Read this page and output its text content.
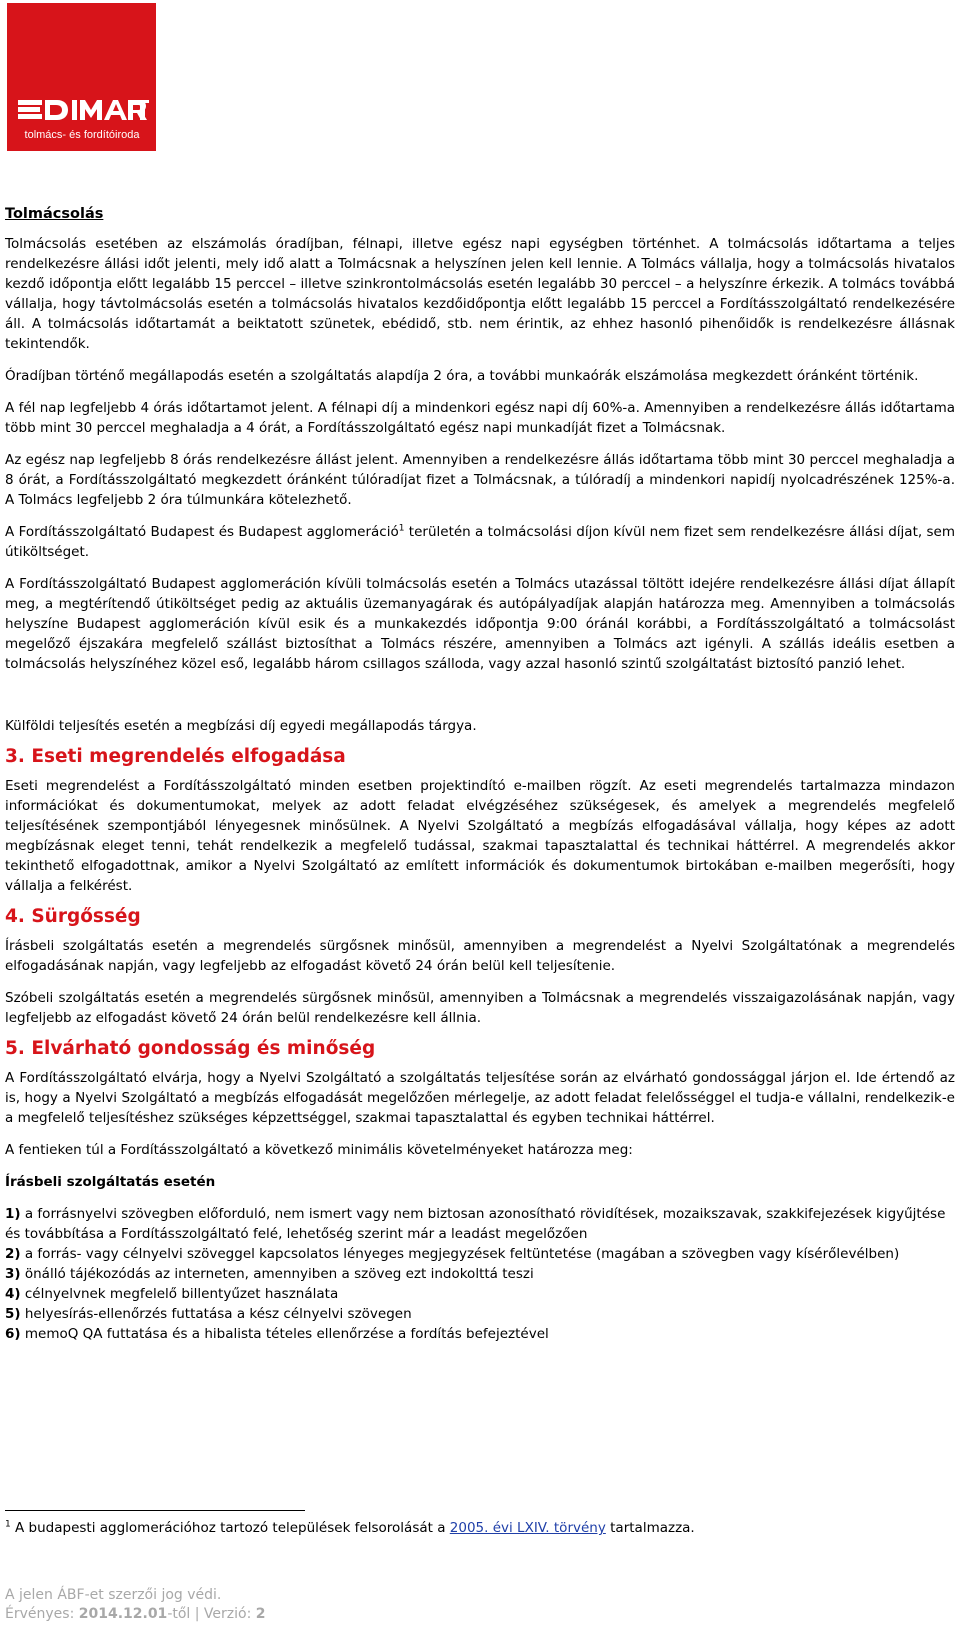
tolmács- és fordítóiroda
Tolmácsolás

Tolmácsolás esetében az elszámolás óradíjban, félnapi, illetve egész napi egységben történhet. A tolmácsolás időtartama a teljes rendelkezésre állási időt jelenti, mely idő alatt a Tolmácsnak a helyszínen jelen kell lennie. A Tolmács vállalja, hogy a tolmácsolás hivatalos kezdő időpontja előtt legalább 15 perccel – illetve szinkrontolmácsolás esetén legalább 30 perccel – a helyszínre érkezik. A tolmács továbbá vállalja, hogy távtolmácsolás esetén a tolmácsolás hivatalos kezdőidőpontja előtt legalább 15 perccel a Fordításszolgáltató rendelkezésére áll. A tolmácsolás időtartamát a beiktatott szünetek, ebédidő, stb. nem érintik, az ehhez hasonló pihenőidők is rendelkezésre állásnak tekintendők.

Óradíjban történő megállapodás esetén a szolgáltatás alapdíja 2 óra, a további munkaórák elszámolása megkezdett óránként történik.

A fél nap legfeljebb 4 órás időtartamot jelent. A félnapi díj a mindenkori egész napi díj 60%-a. Amennyiben a rendelkezésre állás időtartama több mint 30 perccel meghaladja a 4 órát, a Fordításszolgáltató egész napi munkadíját fizet a Tolmácsnak.

Az egész nap legfeljebb 8 órás rendelkezésre állást jelent. Amennyiben a rendelkezésre állás időtartama több mint 30 perccel meghaladja a 8 órát, a Fordításszolgáltató megkezdett óránként túlóradíjat fizet a Tolmácsnak, a túlóradíj a mindenkori napidíj nyolcadrészének 125%-a. A Tolmács legfeljebb 2 óra túlmunkára kötelezhető.

A Fordításszolgáltató Budapest és Budapest agglomeráció$^1$ területén a tolmácsolási díjon kívül nem fizet sem rendelkezésre állási díjat, sem útiköltséget.

A Fordításszolgáltató Budapest agglomeráción kívüli tolmácsolás esetén a Tolmács utazással töltött idejére rendelkezésre állási díjat állapít meg, a megtérítendő útiköltséget pedig az aktuális üzemanyagárak és autópályadíjak alapján határozza meg. Amennyiben a tolmácsolás helyszíne Budapest agglomeráción kívül esik és a munkakezdés időpontja 9:00 óránál korábbi, a Fordításszolgáltató a tolmácsolást megelőző éjszakára megfelelő szállást biztosíthat a Tolmács részére, amennyiben a Tolmács azt igényli. A szállás ideális esetben a tolmácsolás helyszínéhez közel eső, legalább három csillagos szálloda, vagy azzal hasonló szintű szolgáltatást biztosító panzió lehet.

Külföldi teljesítés esetén a megbízási díj egyedi megállapodás tárgya.

3. Eseti megrendelés elfogadása

Eseti megrendelést a Fordításszolgáltató minden esetben projektindító e-mailben rögzít. Az eseti megrendelés tartalmazza mindazon információkat és dokumentumokat, melyek az adott feladat elvégzéséhez szükségesek, és amelyek a megrendelés megfelelő teljesítésének szempontjából lényegesnek minősülnek. A Nyelvi Szolgáltató a megbízás elfogadásával vállalja, hogy képes az adott megbízásnak eleget tenni, tehát rendelkezik a megfelelő tudással, szakmai tapasztalattal és technikai háttérrel. A megrendelés akkor tekinthető elfogadottnak, amikor a Nyelvi Szolgáltató az említett információk és dokumentumok birtokában e-mailben megerősíti, hogy vállalja a felkérést.

4. Sürgősség

Írásbeli szolgáltatás esetén a megrendelés sürgősnek minősül, amennyiben a megrendelést a Nyelvi Szolgáltatónak a megrendelés elfogadásának napján, vagy legfeljebb az elfogadást követő 24 órán belül kell teljesítenie.

Szóbeli szolgáltatás esetén a megrendelés sürgősnek minősül, amennyiben a Tolmácsnak a megrendelés visszaigazolásának napján, vagy legfeljebb az elfogadást követő 24 órán belül rendelkezésre kell állnia.

5. Elvárható gondosság és minőség

A Fordításszolgáltató elvárja, hogy a Nyelvi Szolgáltató a szolgáltatás teljesítése során az elvárható gondossággal járjon el. Ide értendő az is, hogy a Nyelvi Szolgáltató a megbízás elfogadását megelőzően mérlegelje, az adott feladat felelősséggel el tudja-e vállalni, rendelkezik-e a megfelelő teljesítéshez szükséges képzettséggel, szakmai tapasztalattal és egyben technikai háttérrel.

A fentieken túl a Fordításszolgáltató a következő minimális követelményeket határozza meg:

Írásbeli szolgáltatás esetén

1) a forrásnyelvi szövegben előforduló, nem ismert vagy nem biztosan azonosítható rövidítések, mozaikszavak, szakkifejezések kigyűjtése és továbbítása a Fordításszolgáltató felé, lehetőség szerint már a leadást megelőzően

2) a forrás- vagy célnyelvi szöveggel kapcsolatos lényeges megjegyzések feltüntetése (magában a szövegben vagy kísérőlevélben)

3) önálló tájékozódás az interneten, amennyiben a szöveg ezt indokolttá teszi

4) célnyelvnek megfelelő billentyűzet használata

5) helyesírás-ellenőrzés futtatása a kész célnyelvi szövegen

6) memoQ QA futtatása és a hibalista tételes ellenőrzése a fordítás befejeztével

$^1$ A budapesti agglomerációhoz tartozó települések felsorolását a 2005. évi LXIV. törvény tartalmazza.
A jelen ÁBF-et szerzői jog védi.
Érvényes: 2014.12.01-től | Verzió: 2
